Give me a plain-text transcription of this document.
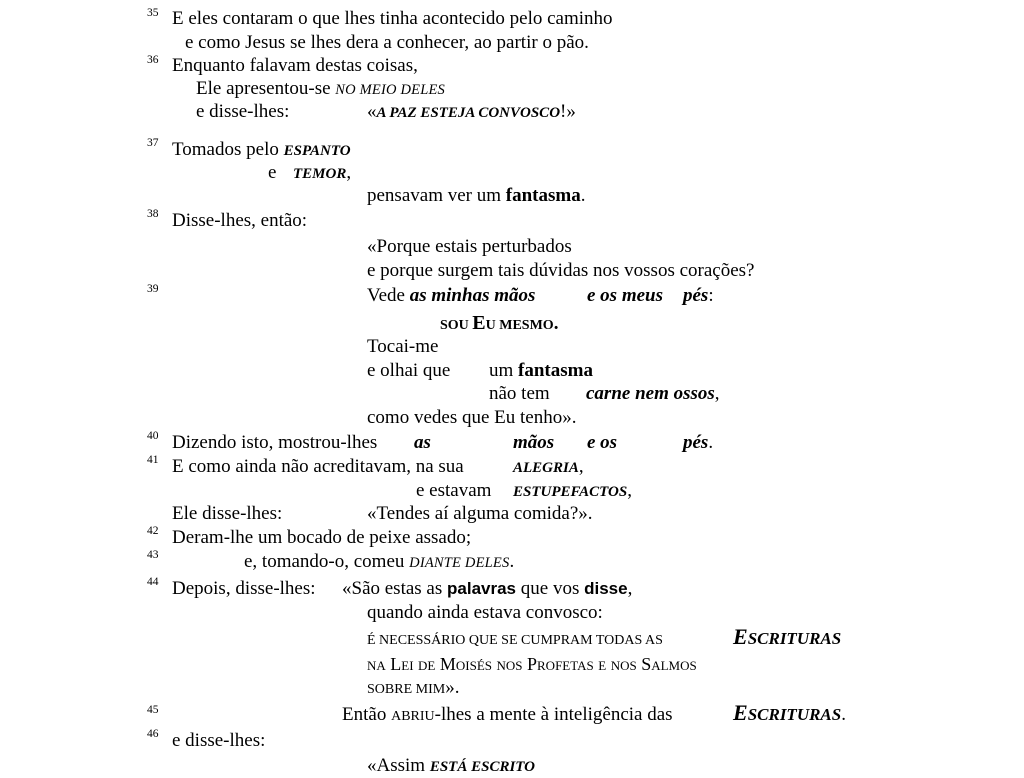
35 E eles contaram o que lhes tinha acontecido pelo caminho
e como Jesus se lhes dera a conhecer, ao partir o pão.
36 Enquanto falavam destas coisas,
Ele apresentou-se NO MEIO DELES
e disse-lhes:	«A PAZ ESTEJA CONVOSCO!»
37 Tomados pelo ESPANTO
e TEMOR,
pensavam ver um fantasma.
38 Disse-lhes, então:
«Porque estais perturbados
e porque surgem tais dúvidas nos vossos corações?
39	Vede as minhas mãos	e os meus pés:
SOU EU MESMO.
Tocai-me
e olhai que um fantasma
não tem carne nem ossos,
como vedes que Eu tenho».
40 Dizendo isto, mostrou-lhes as	mãos e os	pés.
41 E como ainda não acreditavam, na sua	ALEGRIA,
e estavam ESTUPEFACTOS,
Ele disse-lhes:	«Tendes aí alguma comida?».
42 Deram-lhe um bocado de peixe assado;
43	e, tomando-o, comeu DIANTE DELES.
44 Depois, disse-lhes: «São estas as palavras que vos disse,
quando ainda estava convosco:
É NECESSÁRIO QUE SE CUMPRAM TODAS AS	ESCRITURAS
na Lei de Moisés nos Profetas e nos Salmos
SOBRE MIM».
45	Então ABRIU-lhes a mente à inteligência das	ESCRITURAS.
46 e disse-lhes:
«Assim ESTÁ ESCRITO
